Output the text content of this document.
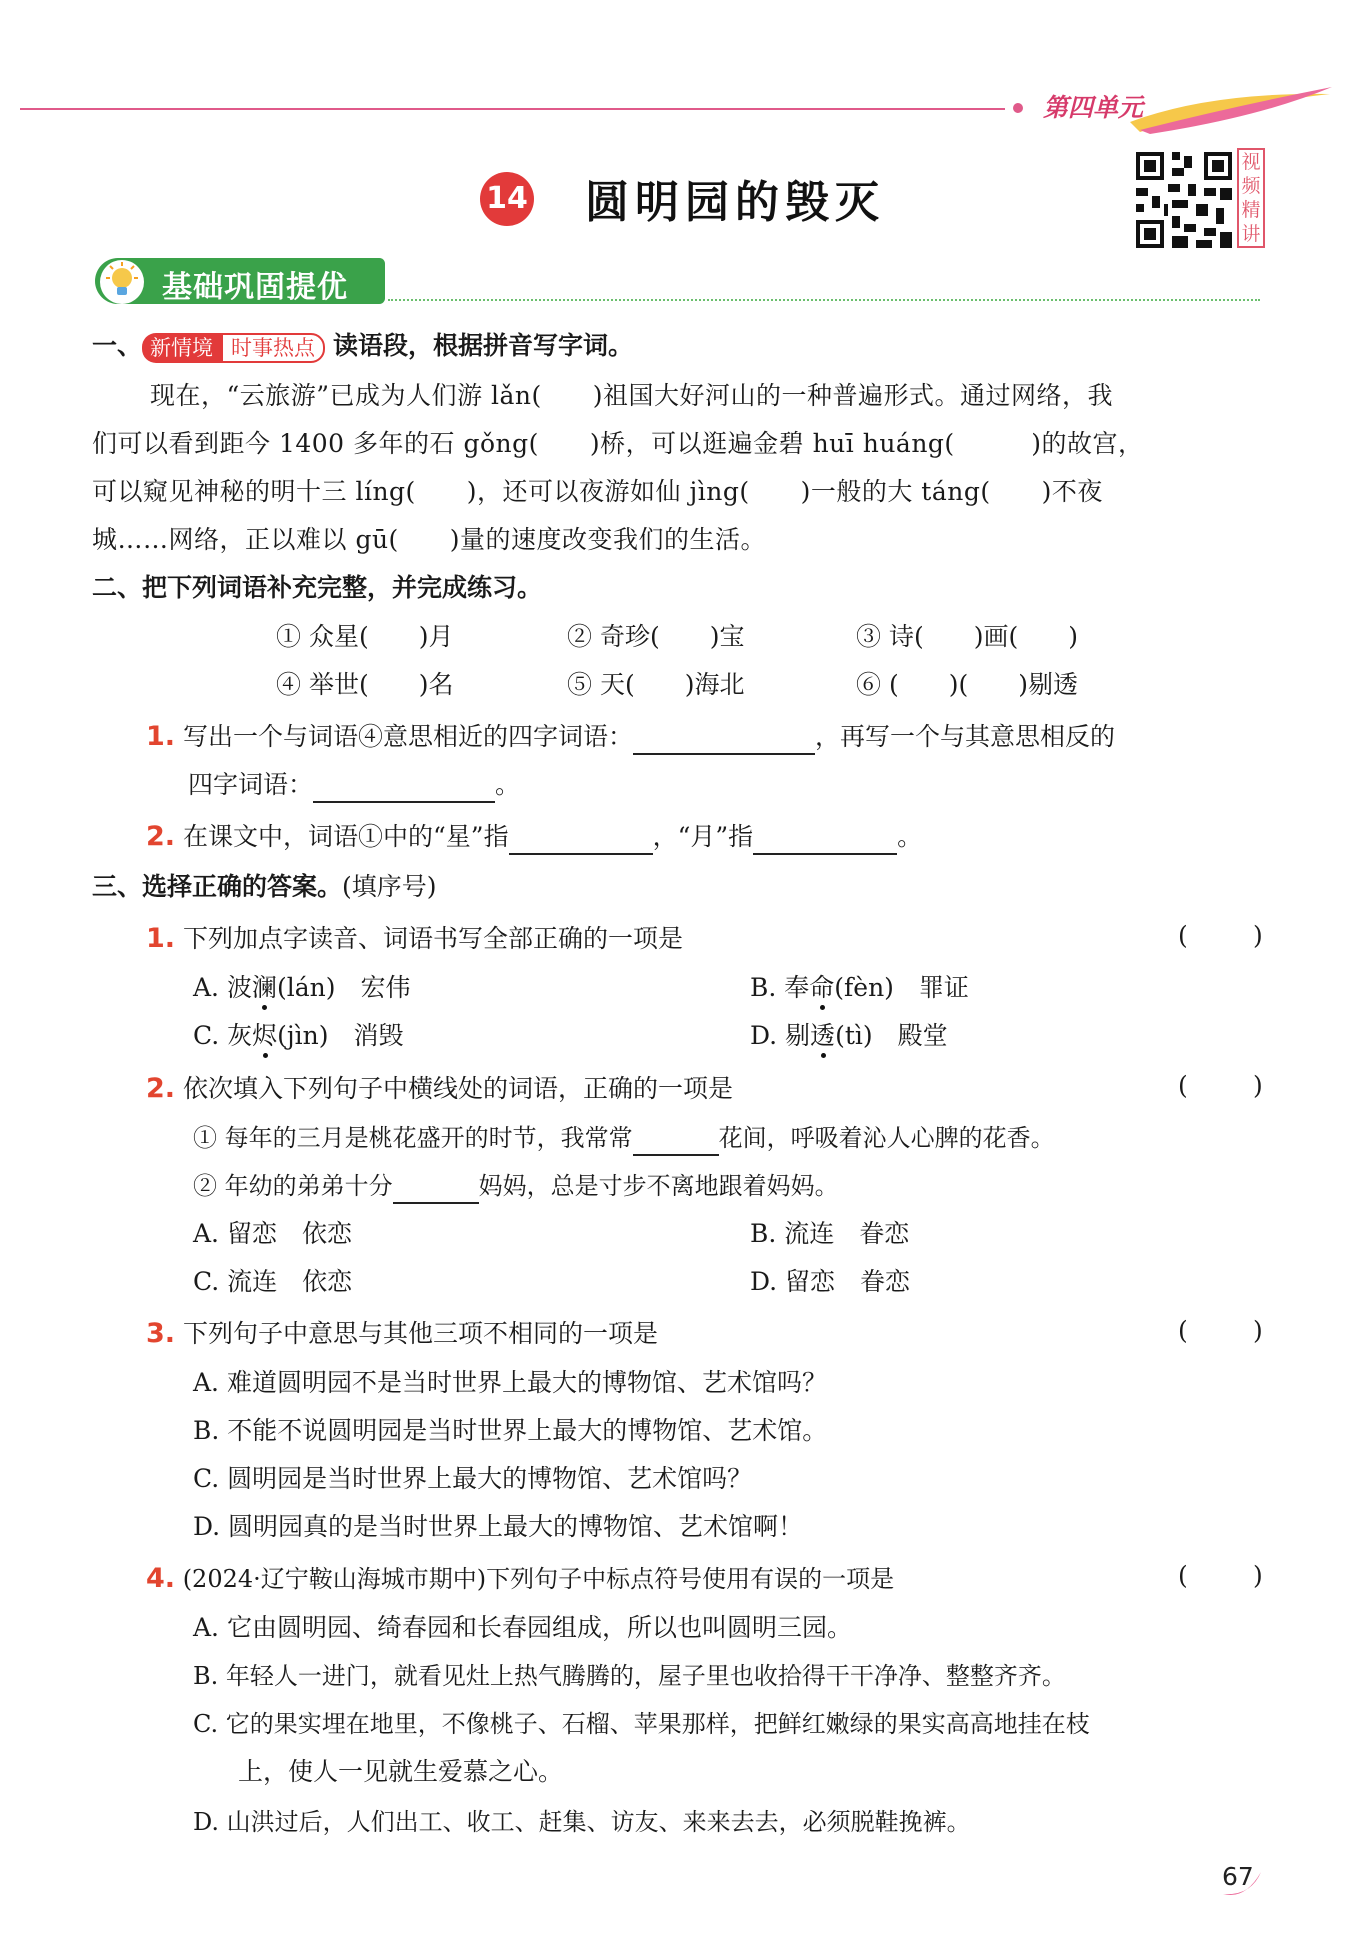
第四单元
14 圆明园的毁灭
视频精讲
基础巩固提优
一、 新情境 时事热点 读语段，根据拼音写字词。
现在，“云旅游”已成为人们游 lǎn(　　)祖国大好河山的一种普遍形式。通过网络，我
们可以看到距今 1400 多年的石 gǒng(　　)桥，可以逛遍金碧 huī huáng(　　　)的故宫，
可以窥见神秘的明十三 líng(　　)，还可以夜游如仙 jìng(　　)一般的大 táng(　　)不夜
城……网络，正以难以 gū(　　)量的速度改变我们的生活。
二、把下列词语补充完整，并完成练习。
① 众星(　　)月	② 奇珍(　　)宝	③ 诗(　　)画(　　)
④ 举世(　　)名	⑤ 天(　　)海北	⑥ (　　)(　　)剔透
1. 写出一个与词语④意思相近的四字词语：	，再写一个与其意思相反的
四字词语：	。
2. 在课文中，词语①中的“星”指	，“月”指	。
三、选择正确的答案。(填序号)
1. 下列加点字读音、词语书写全部正确的一项是	(	)
A. 波澜(lán)　宏伟	B. 奉命(fèn)　罪证
C. 灰烬(jìn)　消毁	D. 剔透(tì)　殿堂
2. 依次填入下列句子中横线处的词语，正确的一项是	(	)
① 每年的三月是桃花盛开的时节，我常常	花间，呼吸着沁人心脾的花香。
② 年幼的弟弟十分	妈妈，总是寸步不离地跟着妈妈。
A. 留恋　依恋	B. 流连　眷恋
C. 流连　依恋	D. 留恋　眷恋
3. 下列句子中意思与其他三项不相同的一项是	(	)
A. 难道圆明园不是当时世界上最大的博物馆、艺术馆吗？
B. 不能不说圆明园是当时世界上最大的博物馆、艺术馆。
C. 圆明园是当时世界上最大的博物馆、艺术馆吗？
D. 圆明园真的是当时世界上最大的博物馆、艺术馆啊！
4. (2024·辽宁鞍山海城市期中)下列句子中标点符号使用有误的一项是	(	)
A. 它由圆明园、绮春园和长春园组成，所以也叫圆明三园。
B. 年轻人一进门，就看见灶上热气腾腾的，屋子里也收拾得干干净净、整整齐齐。
C. 它的果实埋在地里，不像桃子、石榴、苹果那样，把鲜红嫩绿的果实高高地挂在枝
上，使人一见就生爱慕之心。
D. 山洪过后，人们出工、收工、赶集、访友、来来去去，必须脱鞋挽裤。
67
